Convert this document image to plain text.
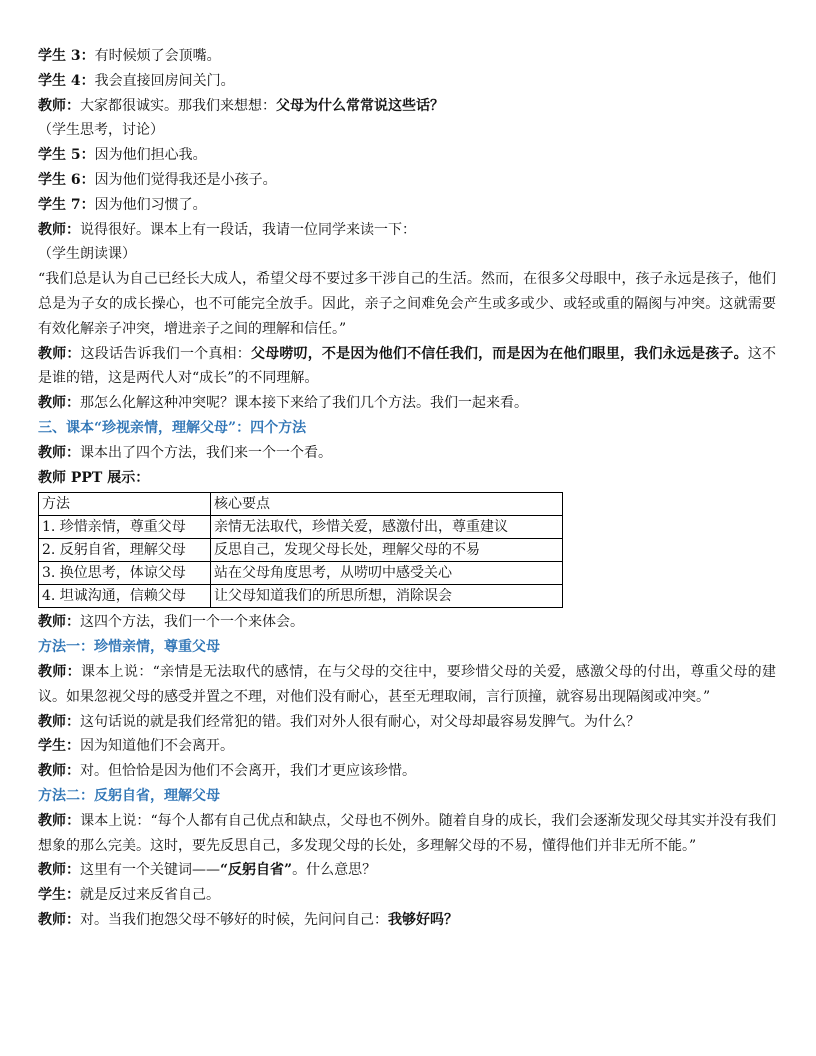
学生 3：有时候烦了会顶嘴。
学生 4：我会直接回房间关门。
教师：大家都很诚实。那我们来想想：父母为什么常常说这些话？
（学生思考，讨论）
学生 5：因为他们担心我。
学生 6：因为他们觉得我还是小孩子。
学生 7：因为他们习惯了。
教师：说得很好。课本上有一段话，我请一位同学来读一下：
（学生朗读课）
“我们总是认为自己已经长大成人，希望父母不要过多干涉自己的生活。然而，在很多父母眼中，孩子永远是孩子，他们总是为子女的成长操心，也不可能完全放手。因此，亲子之间难免会产生或多或少、或轻或重的隔阂与冲突。这就需要有效化解亲子冲突，增进亲子之间的理解和信任。”
教师：这段话告诉我们一个真相：父母唠叨，不是因为他们不信任我们，而是因为在他们眼里，我们永远是孩子。这不是谁的错，这是两代人对“成长”的不同理解。
教师：那怎么化解这种冲突呢？课本接下来给了我们几个方法。我们一起来看。
三、课本“珍视亲情，理解父母”：四个方法
教师：课本出了四个方法，我们来一个一个看。
教师 PPT 展示：
方法	核心要点
1. 珍惜亲情，尊重父母	亲情无法取代，珍惜关爱，感激付出，尊重建议
2. 反躬自省，理解父母	反思自己，发现父母长处，理解父母的不易
3. 换位思考，体谅父母	站在父母角度思考，从唠叨中感受关心
4. 坦诚沟通，信赖父母	让父母知道我们的所思所想，消除误会
教师：这四个方法，我们一个一个来体会。
方法一：珍惜亲情，尊重父母
教师：课本上说：“亲情是无法取代的感情，在与父母的交往中，要珍惜父母的关爱，感激父母的付出，尊重父母的建议。如果忽视父母的感受并置之不理，对他们没有耐心，甚至无理取闹，言行顶撞，就容易出现隔阂或冲突。”
教师：这句话说的就是我们经常犯的错。我们对外人很有耐心，对父母却最容易发脾气。为什么？
学生：因为知道他们不会离开。
教师：对。但恰恰是因为他们不会离开，我们才更应该珍惜。
方法二：反躬自省，理解父母
教师：课本上说：“每个人都有自己优点和缺点，父母也不例外。随着自身的成长，我们会逐渐发现父母其实并没有我们想象的那么完美。这时，要先反思自己，多发现父母的长处，多理解父母的不易，懂得他们并非无所不能。”
教师：这里有一个关键词——“反躬自省”。什么意思？
学生：就是反过来反省自己。
教师：对。当我们抱怨父母不够好的时候，先问问自己：我够好吗？
